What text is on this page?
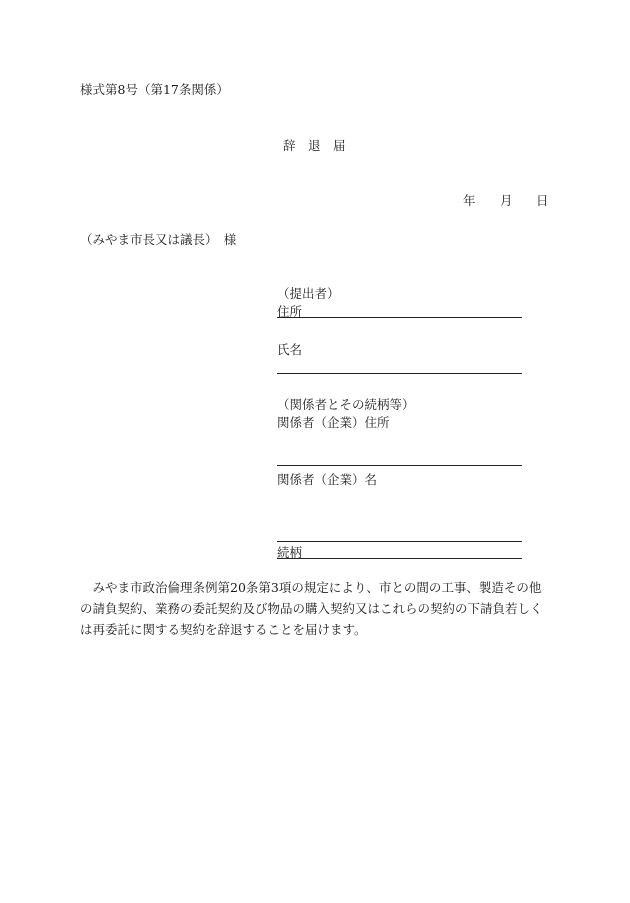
様式第8号（第17条関係）
辞　退　届
年 月 日
（みやま市長又は議長）　様
（提出者）
住所
氏名
（関係者とその続柄等）
関係者（企業）住所
関係者（企業）名
続柄
みやま市政治倫理条例第20条第3項の規定により、市との間の工事、製造その他の請負契約、業務の委託契約及び物品の購入契約又はこれらの契約の下請負若しくは再委託に関する契約を辞退することを届けます。
